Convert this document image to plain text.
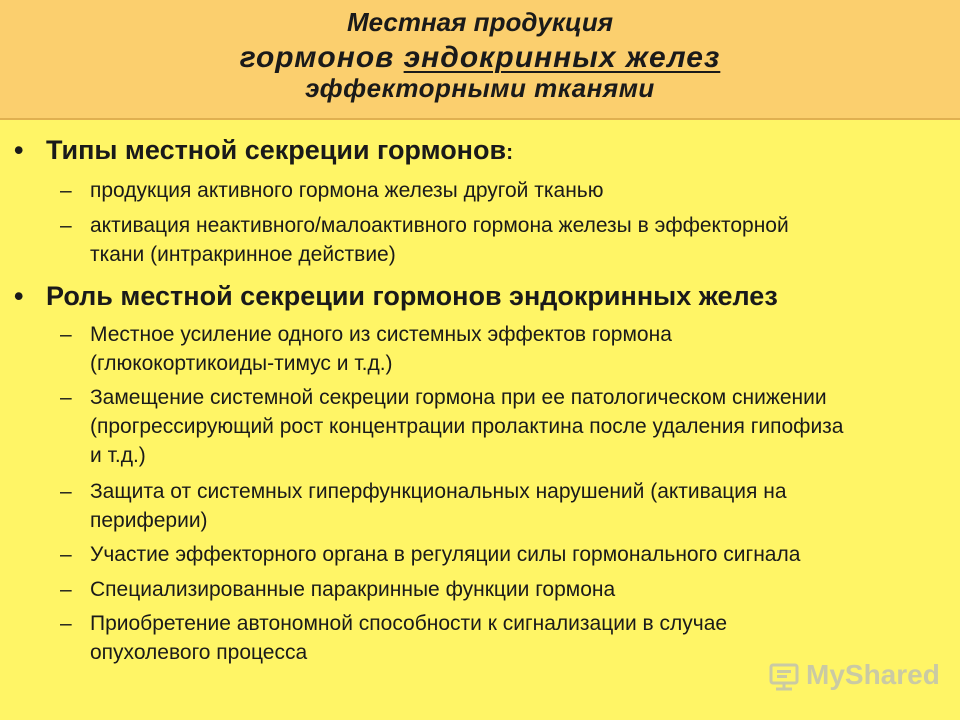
Местная продукция
гормонов эндокринных желез
эффекторными тканями
• Типы местной секреции гормонов:
– продукция активного гормона железы другой тканью
– активация неактивного/малоактивного гормона железы в эффекторной
ткани (интракринное действие)
• Роль местной секреции гормонов эндокринных желез
– Местное усиление одного из системных эффектов гормона
(глюкокортикоиды-тимус и т.д.)
– Замещение системной секреции гормона при ее патологическом снижении
(прогрессирующий рост концентрации пролактина после удаления гипофиза
и т.д.)
– Защита от системных гиперфункциональных нарушений (активация на
периферии)
– Участие эффекторного органа в регуляции силы гормонального сигнала
– Специализированные паракринные функции гормона
– Приобретение автономной способности к сигнализации в случае
опухолевого процесса
MyShared
